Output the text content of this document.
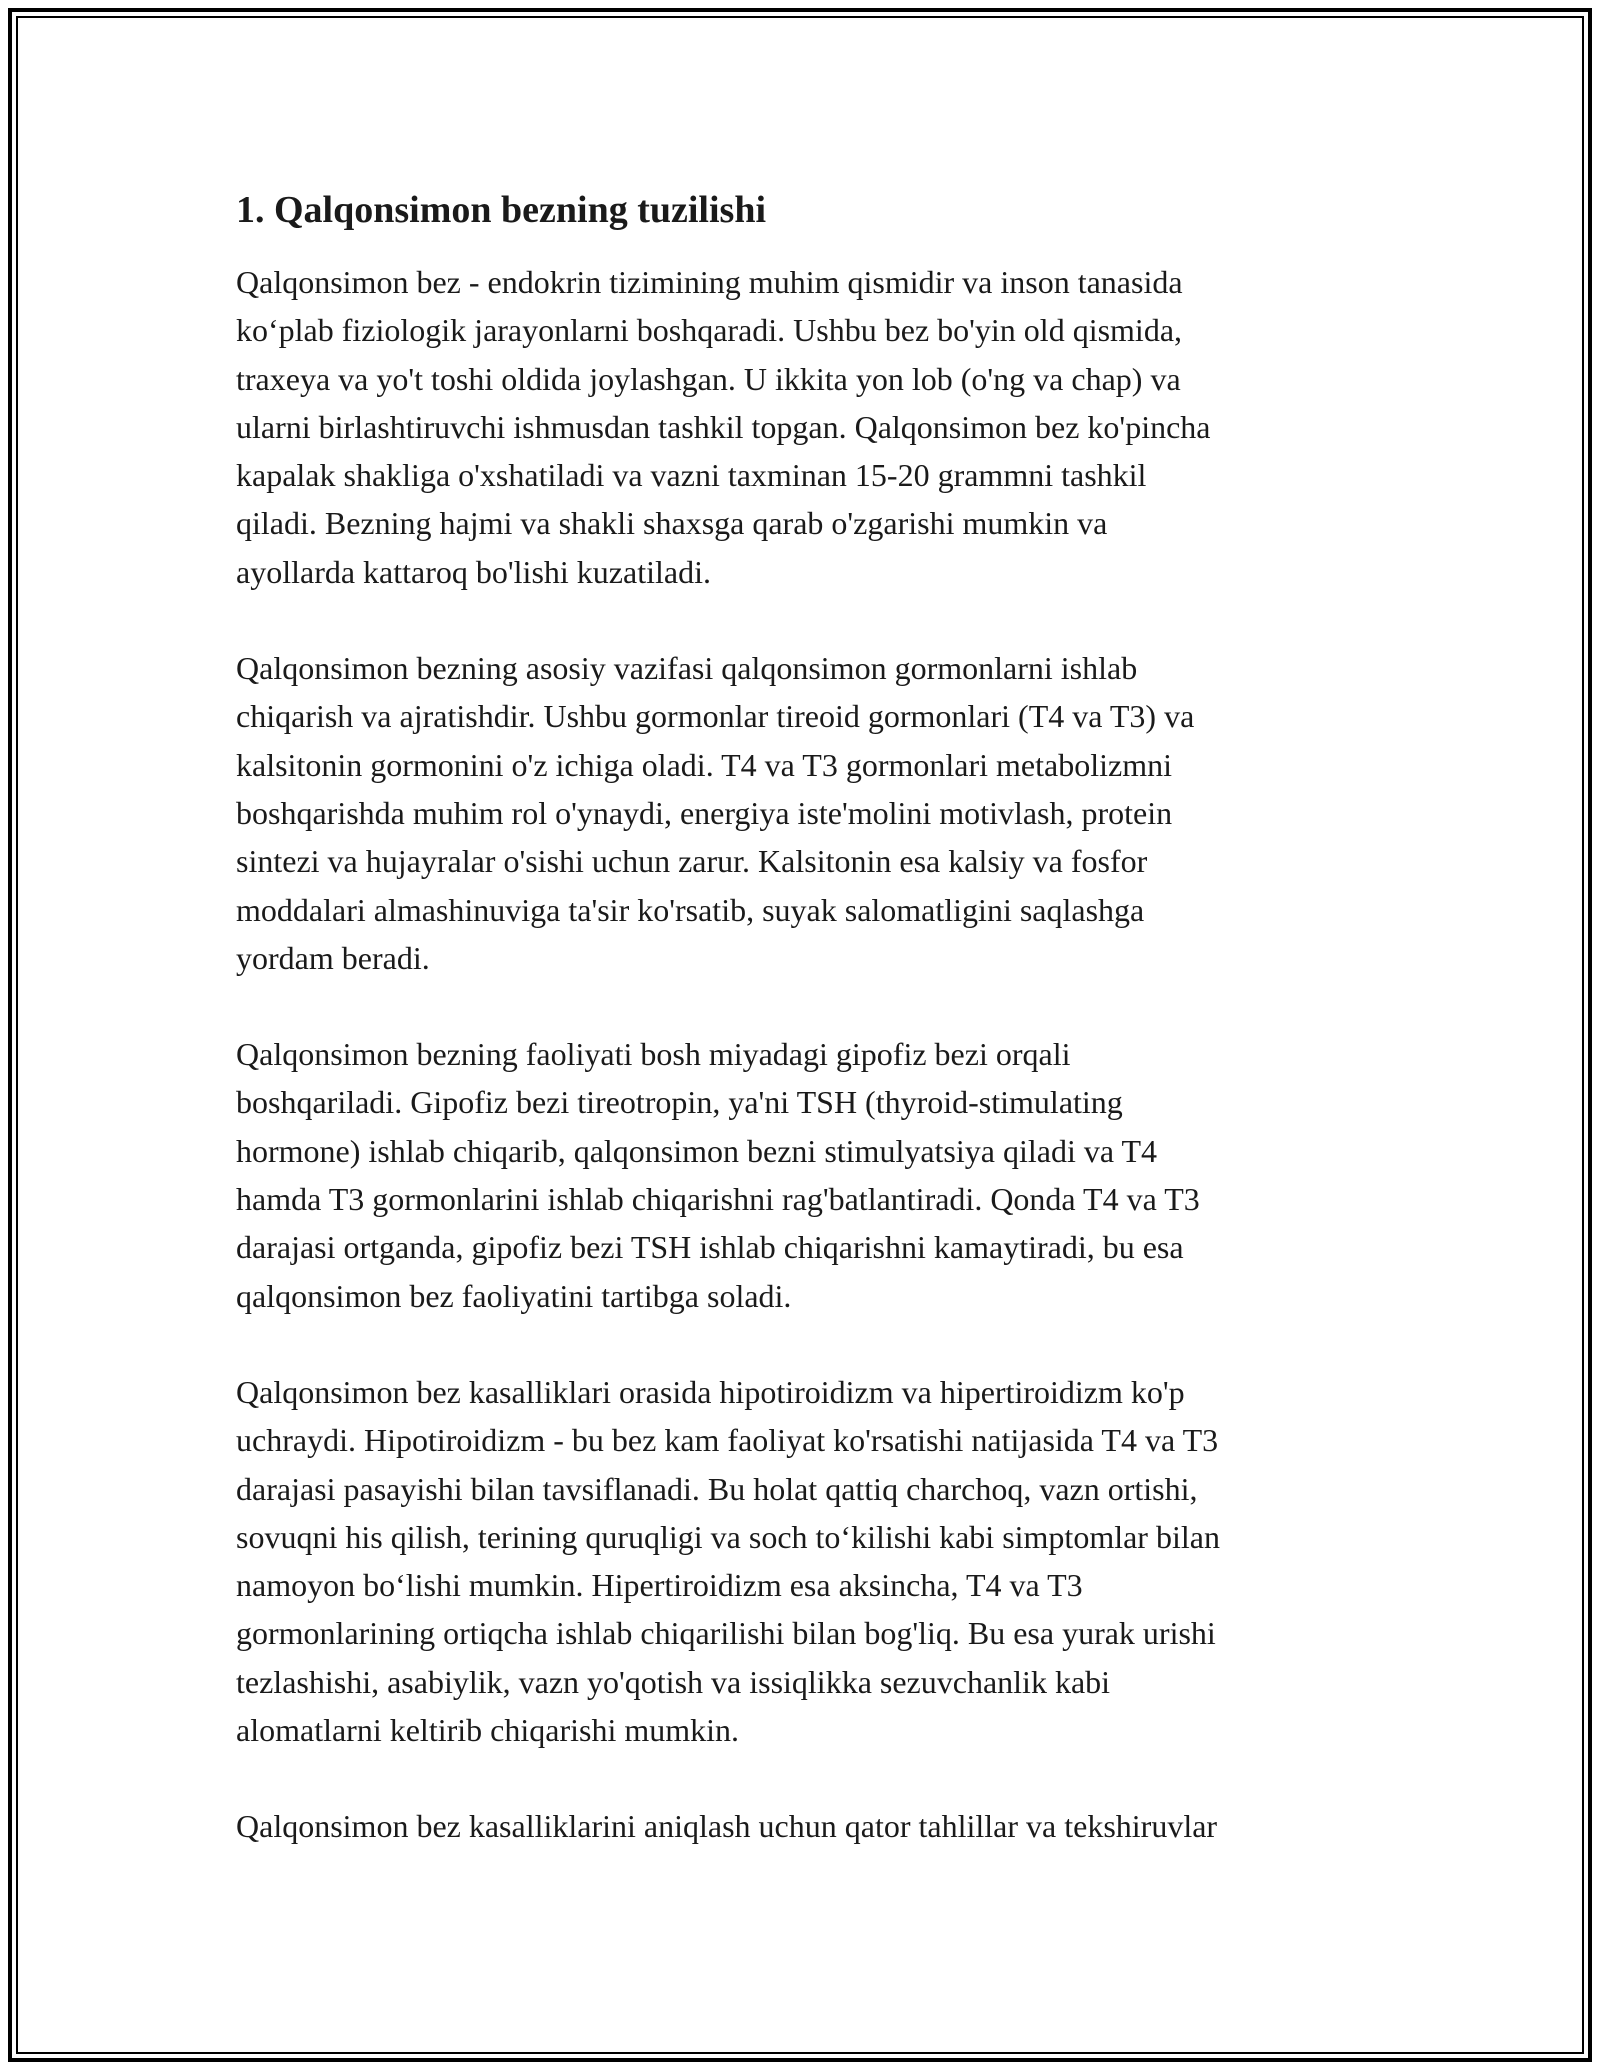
1. Qalqonsimon bezning tuzilishi

Qalqonsimon bez - endokrin tizimining muhim qismidir va inson tanasida
ko‘plab fiziologik jarayonlarni boshqaradi. Ushbu bez bo'yin old qismida,
traxeya va yo't toshi oldida joylashgan. U ikkita yon lob (o'ng va chap) va
ularni birlashtiruvchi ishmusdan tashkil topgan. Qalqonsimon bez ko'pincha
kapalak shakliga o'xshatiladi va vazni taxminan 15-20 grammni tashkil
qiladi. Bezning hajmi va shakli shaxsga qarab o'zgarishi mumkin va
ayollarda kattaroq bo'lishi kuzatiladi.

Qalqonsimon bezning asosiy vazifasi qalqonsimon gormonlarni ishlab
chiqarish va ajratishdir. Ushbu gormonlar tireoid gormonlari (T4 va T3) va
kalsitonin gormonini o'z ichiga oladi. T4 va T3 gormonlari metabolizmni
boshqarishda muhim rol o'ynaydi, energiya iste'molini motivlash, protein
sintezi va hujayralar o'sishi uchun zarur. Kalsitonin esa kalsiy va fosfor
moddalari almashinuviga ta'sir ko'rsatib, suyak salomatligini saqlashga
yordam beradi.

Qalqonsimon bezning faoliyati bosh miyadagi gipofiz bezi orqali
boshqariladi. Gipofiz bezi tireotropin, ya'ni TSH (thyroid-stimulating
hormone) ishlab chiqarib, qalqonsimon bezni stimulyatsiya qiladi va T4
hamda T3 gormonlarini ishlab chiqarishni rag'batlantiradi. Qonda T4 va T3
darajasi ortganda, gipofiz bezi TSH ishlab chiqarishni kamaytiradi, bu esa
qalqonsimon bez faoliyatini tartibga soladi.

Qalqonsimon bez kasalliklari orasida hipotiroidizm va hipertiroidizm ko'p
uchraydi. Hipotiroidizm - bu bez kam faoliyat ko'rsatishi natijasida T4 va T3
darajasi pasayishi bilan tavsiflanadi. Bu holat qattiq charchoq, vazn ortishi,
sovuqni his qilish, terining quruqligi va soch to‘kilishi kabi simptomlar bilan
namoyon bo‘lishi mumkin. Hipertiroidizm esa aksincha, T4 va T3
gormonlarining ortiqcha ishlab chiqarilishi bilan bog'liq. Bu esa yurak urishi
tezlashishi, asabiylik, vazn yo'qotish va issiqlikka sezuvchanlik kabi
alomatlarni keltirib chiqarishi mumkin.

Qalqonsimon bez kasalliklarini aniqlash uchun qator tahlillar va tekshiruvlar
